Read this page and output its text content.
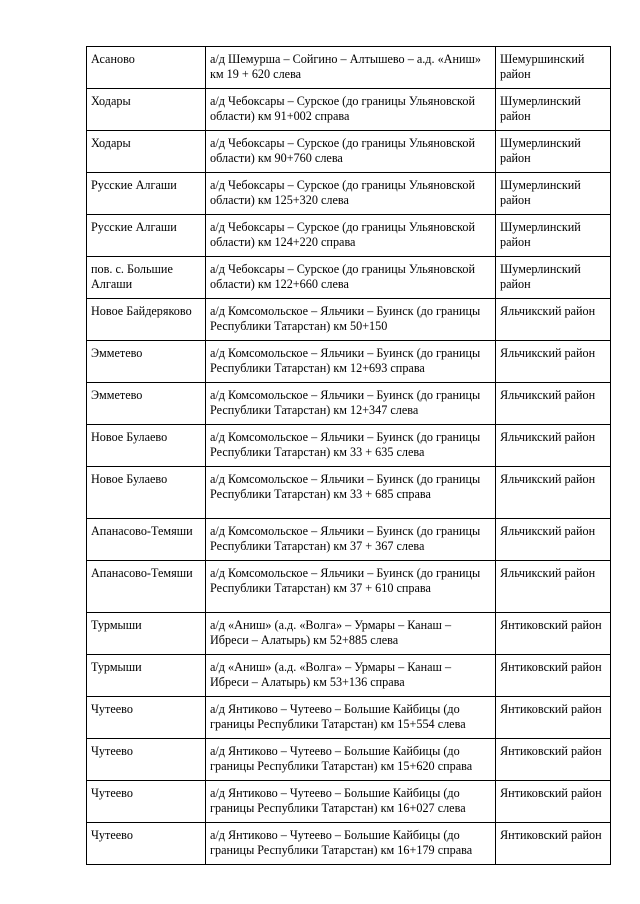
Асаново	а/д Шемурша – Сойгино – Алтышево – а.д. «Аниш» км 19 + 620 слева	Шемуршинский район
Ходары	а/д Чебоксары – Сурское (до границы Ульяновской области) км 91+002 справа	Шумерлинский район
Ходары	а/д Чебоксары – Сурское (до границы Ульяновской области) км 90+760 слева	Шумерлинский район
Русские Алгаши	а/д Чебоксары – Сурское (до границы Ульяновской области) км 125+320 слева	Шумерлинский район
Русские Алгаши	а/д Чебоксары – Сурское (до границы Ульяновской области) км 124+220 справа	Шумерлинский район
пов. с. Большие Алгаши	а/д Чебоксары – Сурское (до границы Ульяновской области) км 122+660 слева	Шумерлинский район
Новое Байдеряково	а/д Комсомольское – Яльчики – Буинск (до границы Республики Татарстан) км 50+150	Яльчикский район
Эмметево	а/д Комсомольское – Яльчики – Буинск (до границы Республики Татарстан) км 12+693 справа	Яльчикский район
Эмметево	а/д Комсомольское – Яльчики – Буинск (до границы Республики Татарстан) км 12+347 слева	Яльчикский район
Новое Булаево	а/д Комсомольское – Яльчики – Буинск (до границы Республики Татарстан) км 33 + 635 слева	Яльчикский район
Новое Булаево	а/д Комсомольское – Яльчики – Буинск (до границы Республики Татарстан) км 33 + 685 справа	Яльчикский район
Апанасово-Темяши	а/д Комсомольское – Яльчики – Буинск (до границы Республики Татарстан) км 37 + 367 слева	Яльчикский район
Апанасово-Темяши	а/д Комсомольское – Яльчики – Буинск (до границы Республики Татарстан) км 37 + 610 справа	Яльчикский район
Турмыши	а/д «Аниш» (а.д. «Волга» – Урмары – Канаш – Ибреси – Алатырь) км 52+885 слева	Янтиковский район
Турмыши	а/д «Аниш» (а.д. «Волга» – Урмары – Канаш – Ибреси – Алатырь) км 53+136 справа	Янтиковский район
Чутеево	а/д Янтиково – Чутеево – Большие Кайбицы (до границы Республики Татарстан) км 15+554 слева	Янтиковский район
Чутеево	а/д Янтиково – Чутеево – Большие Кайбицы (до границы Республики Татарстан) км 15+620 справа	Янтиковский район
Чутеево	а/д Янтиково – Чутеево – Большие Кайбицы (до границы Республики Татарстан) км 16+027 слева	Янтиковский район
Чутеево	а/д Янтиково – Чутеево – Большие Кайбицы (до границы Республики Татарстан) км 16+179 справа	Янтиковский район
